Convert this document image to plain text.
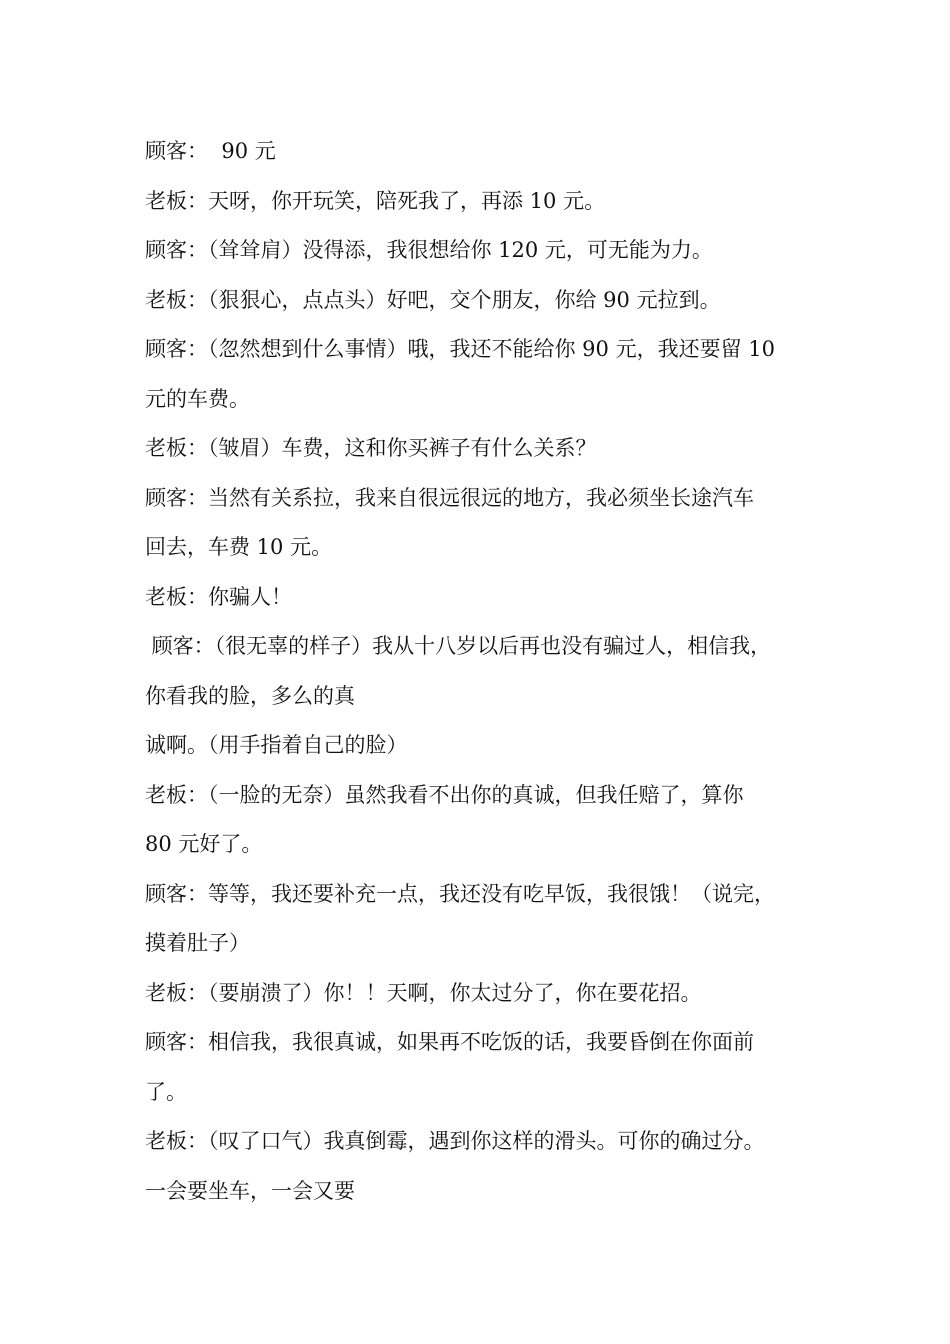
顾客：  90 元
老板：天呀，你开玩笑，陪死我了，再添 10 元。
顾客：（耸耸肩）没得添，我很想给你 120 元，可无能为力。
老板：（狠狠心，点点头）好吧，交个朋友，你给 90 元拉到。
顾客：（忽然想到什么事情）哦，我还不能给你 90 元，我还要留 10
元的车费。
老板：（皱眉）车费，这和你买裤子有什么关系？
顾客：当然有关系拉，我来自很远很远的地方，我必须坐长途汽车
回去，车费 10 元。
老板：你骗人！
顾客：（很无辜的样子）我从十八岁以后再也没有骗过人，相信我，
你看我的脸，多么的真
诚啊。（用手指着自己的脸）
老板：（一脸的无奈）虽然我看不出你的真诚，但我任赔了，算你
80 元好了。
顾客：等等，我还要补充一点，我还没有吃早饭，我很饿！（说完，
摸着肚子）
老板：（要崩溃了）你！！天啊，你太过分了，你在要花招。
顾客：相信我，我很真诚，如果再不吃饭的话，我要昏倒在你面前
了。
老板：（叹了口气）我真倒霉，遇到你这样的滑头。可你的确过分。
一会要坐车，一会又要
